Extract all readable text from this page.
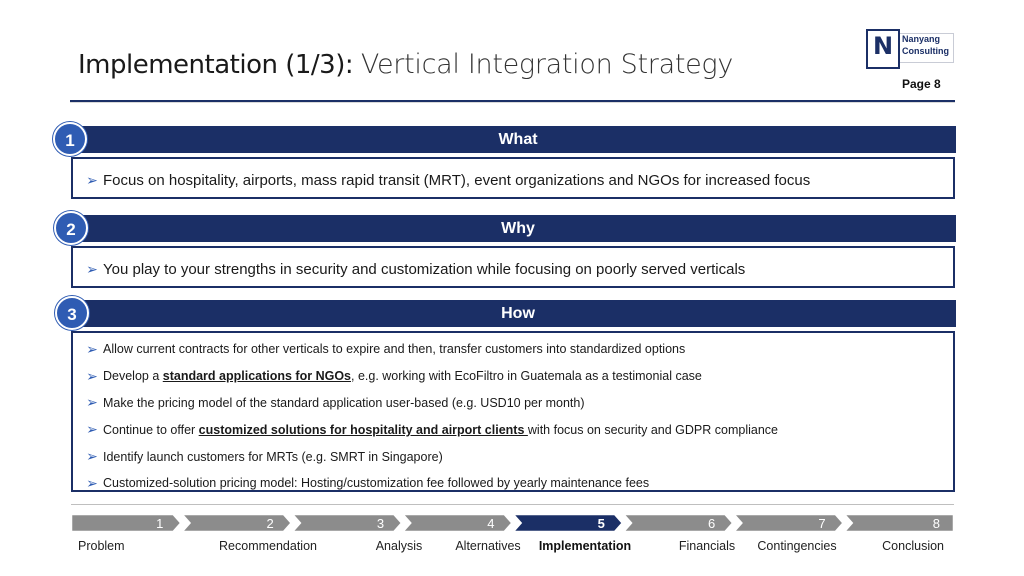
Implementation (1/3): Vertical Integration Strategy
N Nanyang
Consulting
Page 8
What
1
➢ Focus on hospitality, airports, mass rapid transit (MRT), event organizations and NGOs for increased focus
Why
2
➢ You play to your strengths in security and customization while focusing on poorly served verticals
How
3
➢ Allow current contracts for other verticals to expire and then, transfer customers into standardized options
➢ Develop a standard applications for NGOs, e.g. working with EcoFiltro in Guatemala as a testimonial case
➢ Make the pricing model of the standard application user-based (e.g. USD10 per month)
➢ Continue to offer customized solutions for hospitality and airport clients with focus on security and GDPR compliance
➢ Identify launch customers for MRTs (e.g. SMRT in Singapore)
➢ Customized-solution pricing model: Hosting/customization fee followed by yearly maintenance fees
1	2	3	4	5	6	7	8
Problem	Recommendation	Analysis	Alternatives Implementation	Financials Contingencies	Conclusion
